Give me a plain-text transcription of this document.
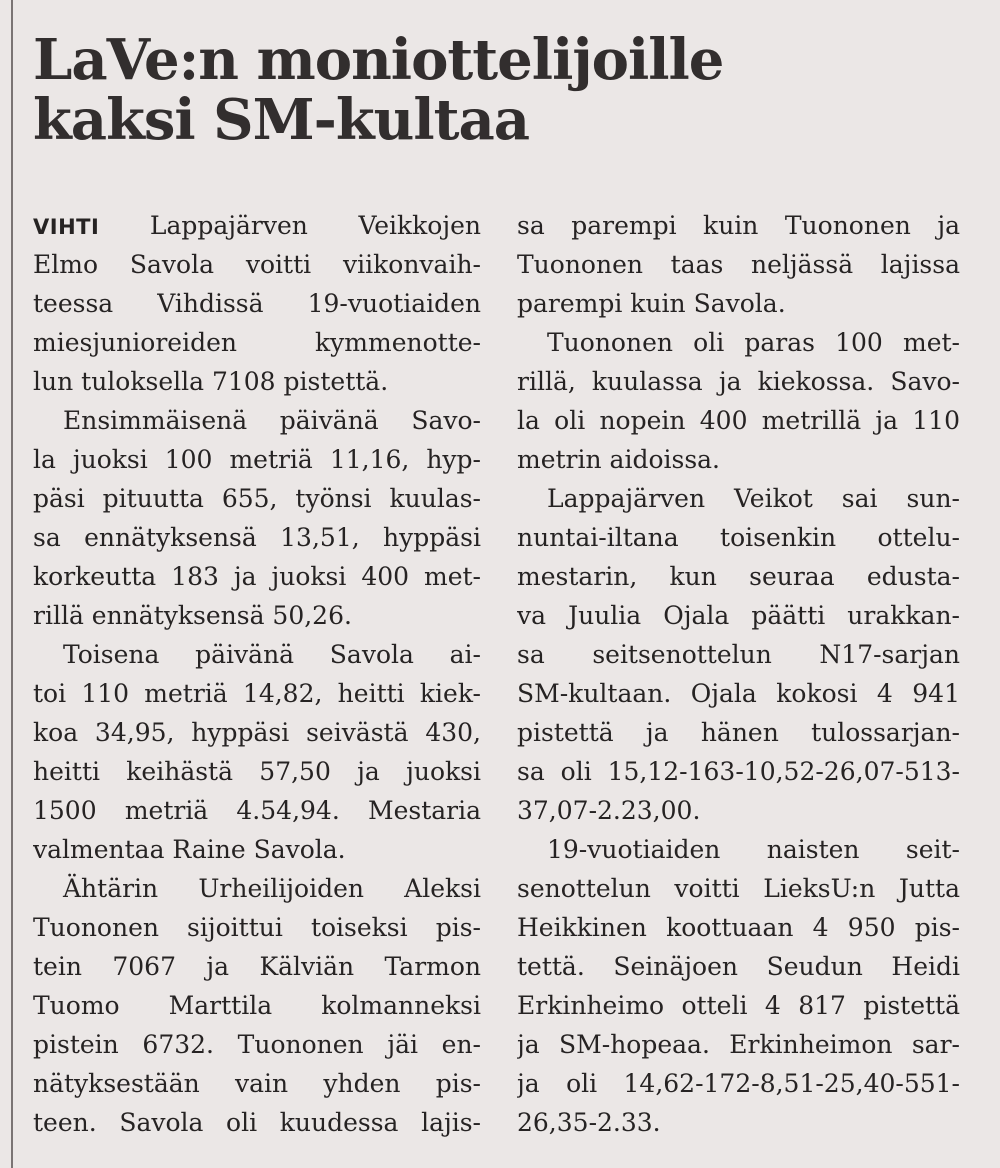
LaVe:n moniottelijoille
kaksi SM-kultaa
VIHTI Lappajärven Veikkojen
Elmo Savola voitti viikonvaih-
teessa Vihdissä 19-vuotiaiden
miesjunioreiden kymmenotte-
lun tuloksella 7108 pistettä.
Ensimmäisenä päivänä Savo-
la juoksi 100 metriä 11,16, hyp-
päsi pituutta 655, työnsi kuulas-
sa ennätyksensä 13,51, hyppäsi
korkeutta 183 ja juoksi 400 met-
rillä ennätyksensä 50,26.
Toisena päivänä Savola ai-
toi 110 metriä 14,82, heitti kiek-
koa 34,95, hyppäsi seivästä 430,
heitti keihästä 57,50 ja juoksi
1500 metriä 4.54,94. Mestaria
valmentaa Raine Savola.
Ähtärin Urheilijoiden Aleksi
Tuononen sijoittui toiseksi pis-
tein 7067 ja Kälviän Tarmon
Tuomo Marttila kolmanneksi
pistein 6732. Tuononen jäi en-
nätyksestään vain yhden pis-
teen. Savola oli kuudessa lajis-
sa parempi kuin Tuononen ja
Tuononen taas neljässä lajissa
parempi kuin Savola.
Tuononen oli paras 100 met-
rillä, kuulassa ja kiekossa. Savo-
la oli nopein 400 metrillä ja 110
metrin aidoissa.
Lappajärven Veikot sai sun-
nuntai-iltana toisenkin ottelu-
mestarin, kun seuraa edusta-
va Juulia Ojala päätti urakkan-
sa seitsenottelun N17-sarjan
SM-kultaan. Ojala kokosi 4 941
pistettä ja hänen tulossarjan-
sa oli 15,12-163-10,52-26,07-513-
37,07-2.23,00.
19-vuotiaiden naisten seit-
senottelun voitti LieksU:n Jutta
Heikkinen koottuaan 4 950 pis-
tettä. Seinäjoen Seudun Heidi
Erkinheimo otteli 4 817 pistettä
ja SM-hopeaa. Erkinheimon sar-
ja oli 14,62-172-8,51-25,40-551-
26,35-2.33.
